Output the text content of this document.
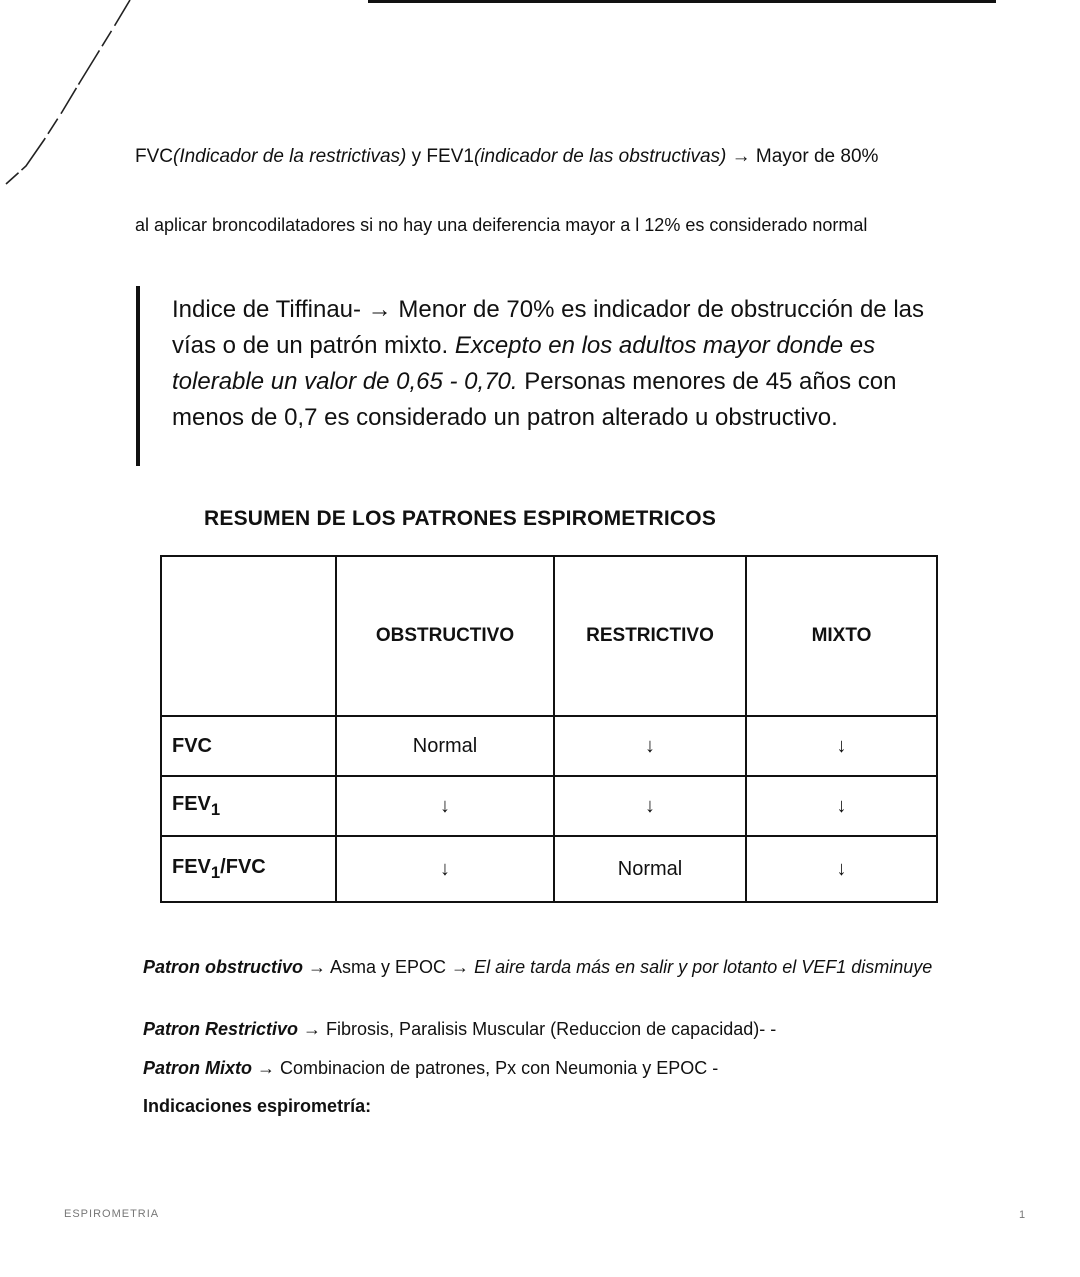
FVC(Indicador de la restrictivas) y FEV1(indicador de las obstructivas) → Mayor de 80%

al aplicar broncodilatadores si no hay una deiferencia mayor a l 12% es considerado normal

Indice de Tiffinau- → Menor de 70% es indicador de obstrucción de las vías o de un patrón mixto. Excepto en los adultos mayor donde es tolerable un valor de 0,65 - 0,70. Personas menores de 45 años con menos de 0,7 es considerado un patron alterado u obstructivo.

RESUMEN DE LOS PATRONES ESPIROMETRICOS
	OBSTRUCTIVO	RESTRICTIVO	MIXTO
FVC	Normal	↓	↓
$FEV_1$	↓	↓	↓
$FEV_1$/FVC	↓	Normal	↓

Patron obstructivo → Asma y EPOC → El aire tarda más en salir y por lotanto el VEF1 disminuye

Patron Restrictivo → Fibrosis, Paralisis Muscular (Reduccion de capacidad)- -

Patron Mixto → Combinacion de patrones, Px con Neumonia y EPOC -

Indicaciones espirometría:

ESPIROMETRIA	1
